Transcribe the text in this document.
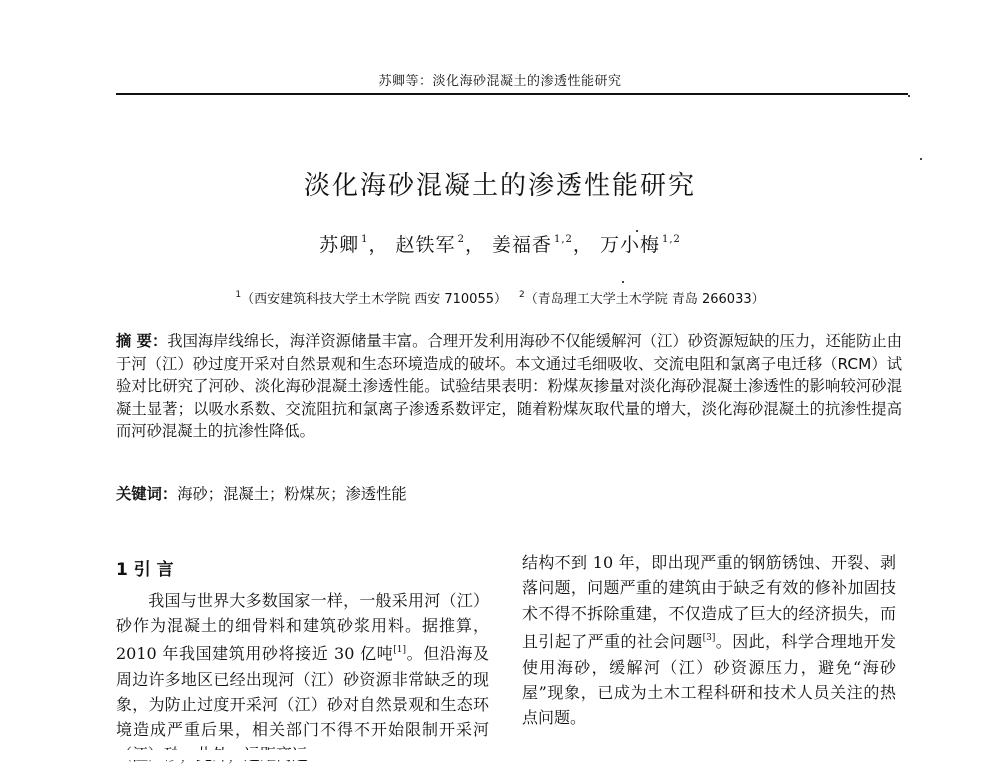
苏卿等：淡化海砂混凝土的渗透性能研究
淡化海砂混凝土的渗透性能研究
苏卿 $^1$， 赵铁军 $^2$， 姜福香 $^{1,2}$， 万小梅 $^{1,2}$
$^1$（西安建筑科技大学土木学院 西安 710055） $^2$（青岛理工大学土木学院 青岛 266033）
摘 要：我国海岸线绵长，海洋资源储量丰富。合理开发利用海砂不仅能缓解河（江）砂资源短缺的压力，还能防止由于河（江）砂过度开采对自然景观和生态环境造成的破坏。本文通过毛细吸收、交流电阻和氯离子电迁移（RCM）试验对比研究了河砂、淡化海砂混凝土渗透性能。试验结果表明：粉煤灰掺量对淡化海砂混凝土渗透性的影响较河砂混凝土显著；以吸水系数、交流阻抗和氯离子渗透系数评定，随着粉煤灰取代量的增大，淡化海砂混凝土的抗渗性提高而河砂混凝土的抗渗性降低。
关键词：海砂；混凝土；粉煤灰；渗透性能
1 引 言
我国与世界大多数国家一样，一般采用河（江）砂作为混凝土的细骨料和建筑砂浆用料。据推算，2010 年我国建筑用砂将接近 30 亿吨[1]。但沿海及周边许多地区已经出现河（江）砂资源非常缺乏的现象，为防止过度开采河（江）砂对自然景观和生态环境造成严重后果，相关部门不得不开始限制开采河
结构不到 10 年，即出现严重的钢筋锈蚀、开裂、剥落问题，问题严重的建筑由于缺乏有效的修补加固技术不得不拆除重建，不仅造成了巨大的经济损失，而且引起了严重的社会问题[3]。因此，科学合理地开发使用海砂，缓解河（江）砂资源压力，避免“海砂屋”现象，已成为土木工程科研和技术人员关注的热点问题。
